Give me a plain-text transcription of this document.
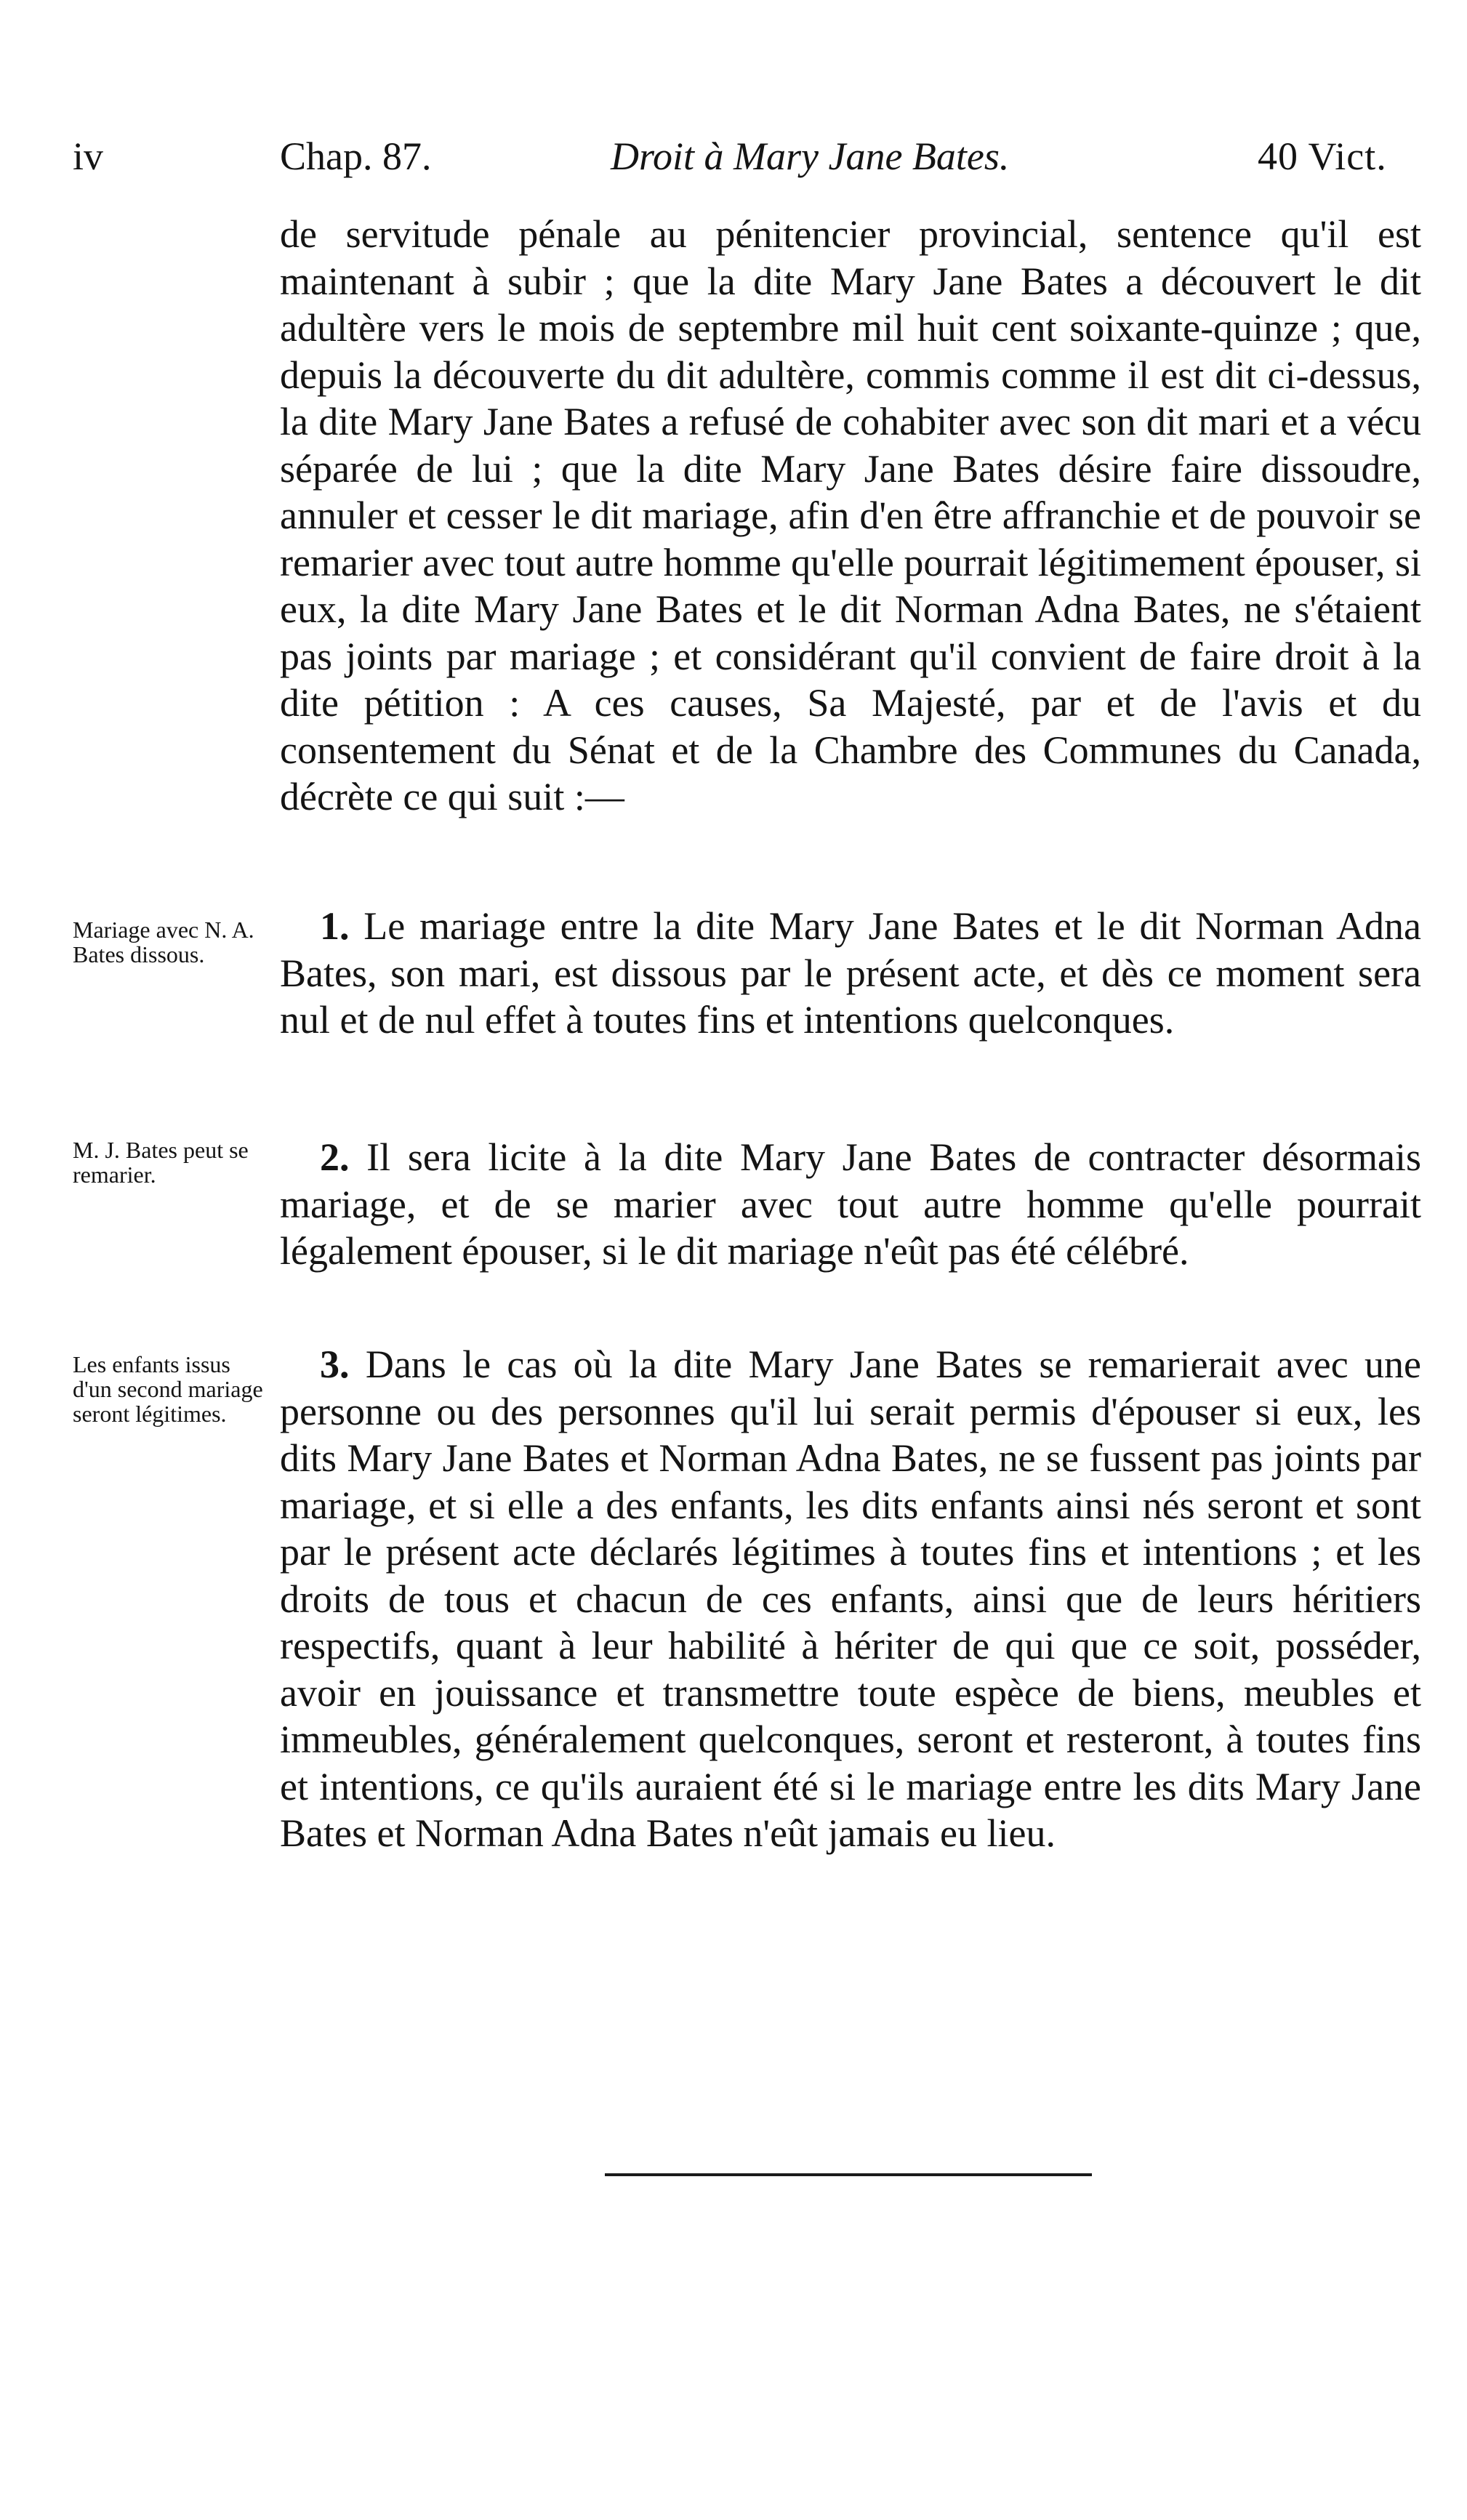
iv	Chap. 87.	Droit à Mary Jane Bates.	40 Vict.

de servitude pénale au pénitencier provincial, sentence qu'il est maintenant à subir ; que la dite Mary Jane Bates a découvert le dit adultère vers le mois de septembre mil huit cent soixante-quinze ; que, depuis la découverte du dit adultère, commis comme il est dit ci-dessus, la dite Mary Jane Bates a refusé de cohabiter avec son dit mari et a vécu séparée de lui ; que la dite Mary Jane Bates désire faire dissoudre, annuler et cesser le dit mariage, afin d'en être affranchie et de pouvoir se remarier avec tout autre homme qu'elle pourrait légitimement épouser, si eux, la dite Mary Jane Bates et le dit Norman Adna Bates, ne s'étaient pas joints par mariage ; et considérant qu'il convient de faire droit à la dite pétition : A ces causes, Sa Majesté, par et de l'avis et du consentement du Sénat et de la Chambre des Communes du Canada, décrète ce qui suit :—

Mariage avec N. A. Bates dissous.

1. Le mariage entre la dite Mary Jane Bates et le dit Norman Adna Bates, son mari, est dissous par le présent acte, et dès ce moment sera nul et de nul effet à toutes fins et intentions quelconques.

M. J. Bates peut se remarier.	2. Il sera licite à la dite Mary Jane Bates de contracter désormais mariage, et de se marier avec tout autre homme qu'elle pourrait légalement épouser, si le dit mariage n'eût pas été célébré.

Les enfants issus d'un second mariage seront légitimes.

3. Dans le cas où la dite Mary Jane Bates se remarierait avec une personne ou des personnes qu'il lui serait permis d'épouser si eux, les dits Mary Jane Bates et Norman Adna Bates, ne se fussent pas joints par mariage, et si elle a des enfants, les dits enfants ainsi nés seront et sont par le présent acte déclarés légitimes à toutes fins et intentions ; et les droits de tous et chacun de ces enfants, ainsi que de leurs héritiers respectifs, quant à leur habilité à hériter de qui que ce soit, posséder, avoir en jouissance et transmettre toute espèce de biens, meubles et immeubles, généralement quelconques, seront et resteront, à toutes fins et intentions, ce qu'ils auraient été si le mariage entre les dits Mary Jane Bates et Norman Adna Bates n'eût jamais eu lieu.
